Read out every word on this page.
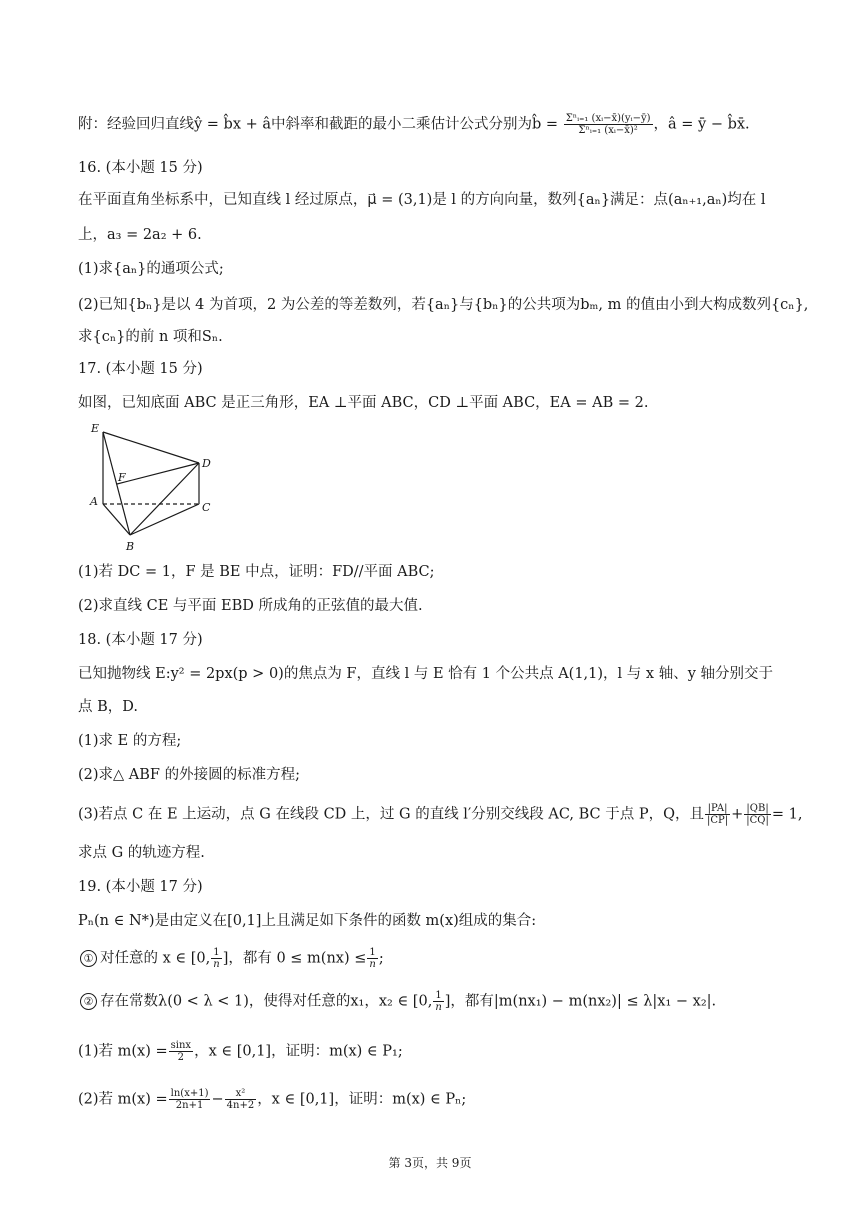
附：经验回归直线ŷ = b̂x + â中斜率和截距的最小二乘估计公式分别为b̂ = $\frac{\text{Σⁿᵢ₌₁ (xᵢ−x̄)(yᵢ−ȳ)}}{\text{Σⁿᵢ₌₁ (xᵢ−x̄)²}}$ ，â = ȳ − b̂x̄.
16. (本小题 15 分)
在平面直角坐标系中，已知直线 l 经过原点，μ⃗ = (3,1)是 l 的方向向量，数列{aₙ}满足：点(aₙ₊₁,aₙ)均在 l
上，a₃ = 2a₂ + 6.
(1)求{aₙ}的通项公式;
(2)已知{bₙ}是以 4 为首项，2 为公差的等差数列，若{aₙ}与{bₙ}的公共项为bₘ, m 的值由小到大构成数列{cₙ},
求{cₙ}的前 n 项和Sₙ.
17. (本小题 15 分)
如图，已知底面 ABC 是正三角形，EA ⊥平面 ABC，CD ⊥平面 ABC，EA = AB = 2.
E
D
F
A	C
B
(1)若 DC = 1，F 是 BE 中点，证明：FD//平面 ABC;
(2)求直线 CE 与平面 EBD 所成角的正弦值的最大值.
18. (本小题 17 分)
已知抛物线 E:y² = 2px(p > 0)的焦点为 F，直线 l 与 E 恰有 1 个公共点 A(1,1)，l 与 x 轴、y 轴分别交于
点 B，D.
(1)求 E 的方程;
(2)求△ ABF 的外接圆的标准方程;
(3)若点 C 在 E 上运动，点 G 在线段 CD 上，过 G 的直线 l′分别交线段 AC, BC 于点 P，Q，且 $\frac{|PA|}{|CP|} + \frac{|QB|}{|CQ|} = 1$,
求点 G 的轨迹方程.
19. (本小题 17 分)
Pₙ(n ∈ N*)是由定义在[0,1]上且满足如下条件的函数 m(x)组成的集合:
① 对任意的 x ∈ [0, $\frac{1}{n}$ ]，都有 $0 \le m(nx) \le \frac{1}{n}$ ;
② 存在常数λ(0 < λ < 1)，使得对任意的x₁，x₂ ∈ [0, $\frac{1}{n}$ ]，都有|m(nx₁) − m(nx₂)| ≤ λ|x₁ − x₂|.
(1)若 $m(x) = \frac{\sin x}{2}$ ，x ∈ [0,1]，证明：m(x) ∈ P₁;
(2)若 $m(x) = \frac{\ln(x+1)}{2n+1} - \frac{\text{x²}}{4n+2}$ ，x ∈ [0,1]，证明：m(x) ∈ Pₙ;
第 3页，共 9页
